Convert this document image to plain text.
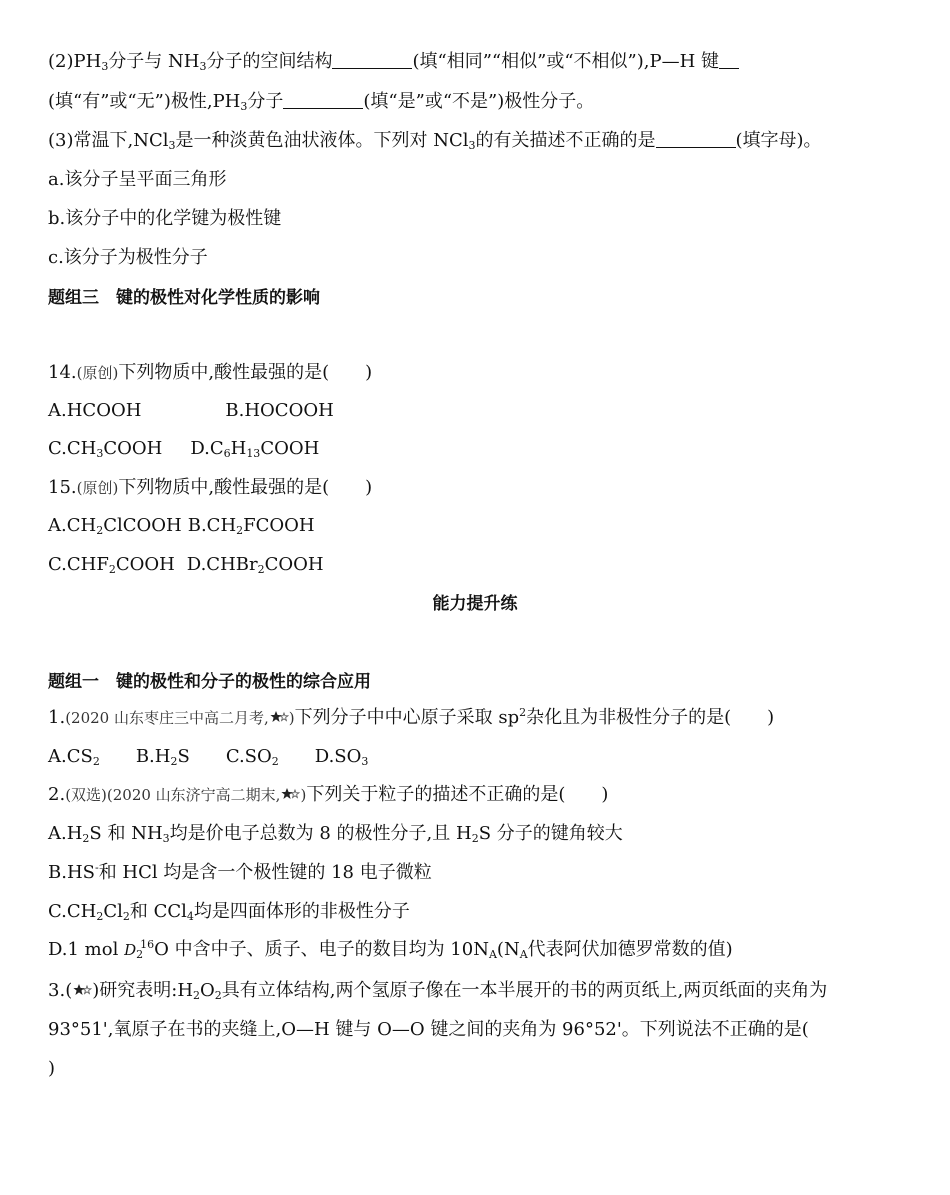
$(2)PH_3$分子与 $NH_3$分子的空间结构	(填“相同”“相似”或“不相似”),P—H 键
(填“有”或“无”)极性$,PH_3$分子	(填“是”或“不是”)极性分子。
(3)常温下,NCl$_3$是一种淡黄色油状液体。下列对 NCl$_3$的有关描述不正确的是	(填字母)。
a.该分子呈平面三角形
b.该分子中的化学键为极性键
c.该分子为极性分子
题组三　键的极性对化学性质的影响
14.(原创)下列物质中,酸性最强的是(　　)
A.HCOOH	B.HOCOOH
$C.CH_3COOH$ $D.C_6H_{13}COOH$
15.(原创)下列物质中,酸性最强的是(　　)
$A.CH_2ClCOOH$ $B.CH_2FCOOH$
$C.CHF_2COOH$ D.CHBr$_2$COOH
能力提升练
题组一　键的极性和分子的极性的综合应用
1.(2020 山东枣庄三中高二月考, )下列分子中中心原子采取 $sp^2$杂化且为非极性分子的是(　　)
$A.CS_2$ $B.H_2S$ $C.SO_2$ $D.SO_3$
2.(双选)(2020 山东济宁高二期末, )下列关于粒子的描述不正确的是(　　)
$A.H_2S$ 和 $NH_3$均是价电子总数为 8 的极性分子,且 $H_2S$ 分子的键角较大
B.HS-和 HCl 均是含一个极性键的 18 电子微粒
$C.CH_2Cl_2$和 CCl$_4$均是四面体形的非极性分子
D.1 mol $D_2^{16}O$ 中含中子、质子、电子的数目均为 $10N_A(N_A$代表阿伏加德罗常数的值)
3.( )研究表明$:H_2O_2$具有立体结构,两个氢原子像在一本半展开的书的两页纸上,两页纸面的夹角为
93°51',氧原子在书的夹缝上,O—H 键与 O—O 键之间的夹角为 96°52'。下列说法不正确的是(
)
